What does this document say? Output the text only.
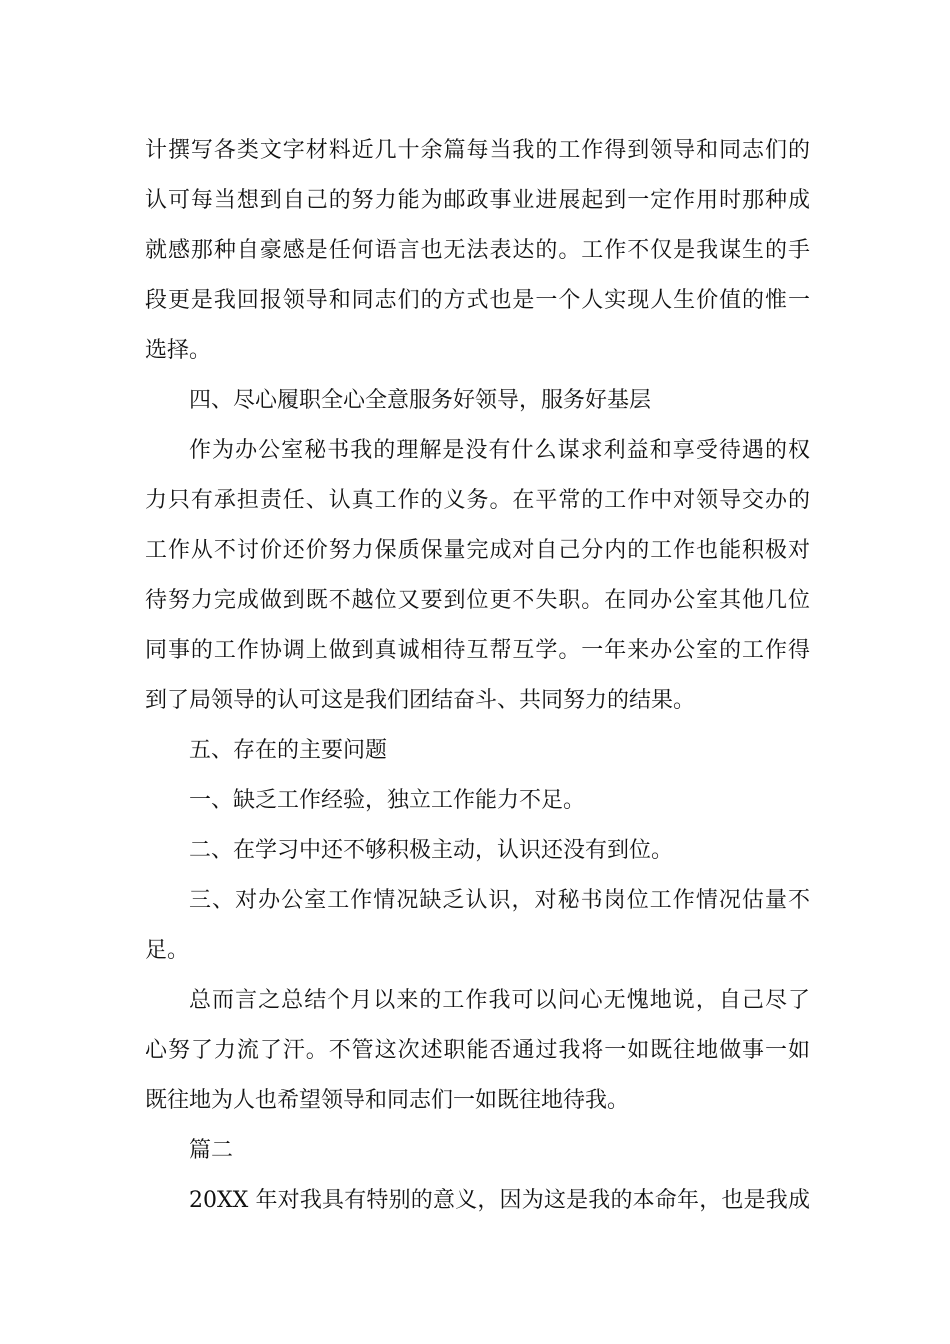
计撰写各类文字材料近几十余篇每当我的工作得到领导和同志们的
认可每当想到自己的努力能为邮政事业进展起到一定作用时那种成
就感那种自豪感是任何语言也无法表达的。工作不仅是我谋生的手
段更是我回报领导和同志们的方式也是一个人实现人生价值的惟一
选择。
四、尽心履职全心全意服务好领导，服务好基层
作为办公室秘书我的理解是没有什么谋求利益和享受待遇的权
力只有承担责任、认真工作的义务。在平常的工作中对领导交办的
工作从不讨价还价努力保质保量完成对自己分内的工作也能积极对
待努力完成做到既不越位又要到位更不失职。在同办公室其他几位
同事的工作协调上做到真诚相待互帮互学。一年来办公室的工作得
到了局领导的认可这是我们团结奋斗、共同努力的结果。
五、存在的主要问题
一、缺乏工作经验，独立工作能力不足。
二、在学习中还不够积极主动，认识还没有到位。
三、对办公室工作情况缺乏认识，对秘书岗位工作情况估量不
足。
总而言之总结个月以来的工作我可以问心无愧地说，自己尽了
心努了力流了汗。不管这次述职能否通过我将一如既往地做事一如
既往地为人也希望领导和同志们一如既往地待我。
篇二
20XX 年对我具有特别的意义，因为这是我的本命年，也是我成
